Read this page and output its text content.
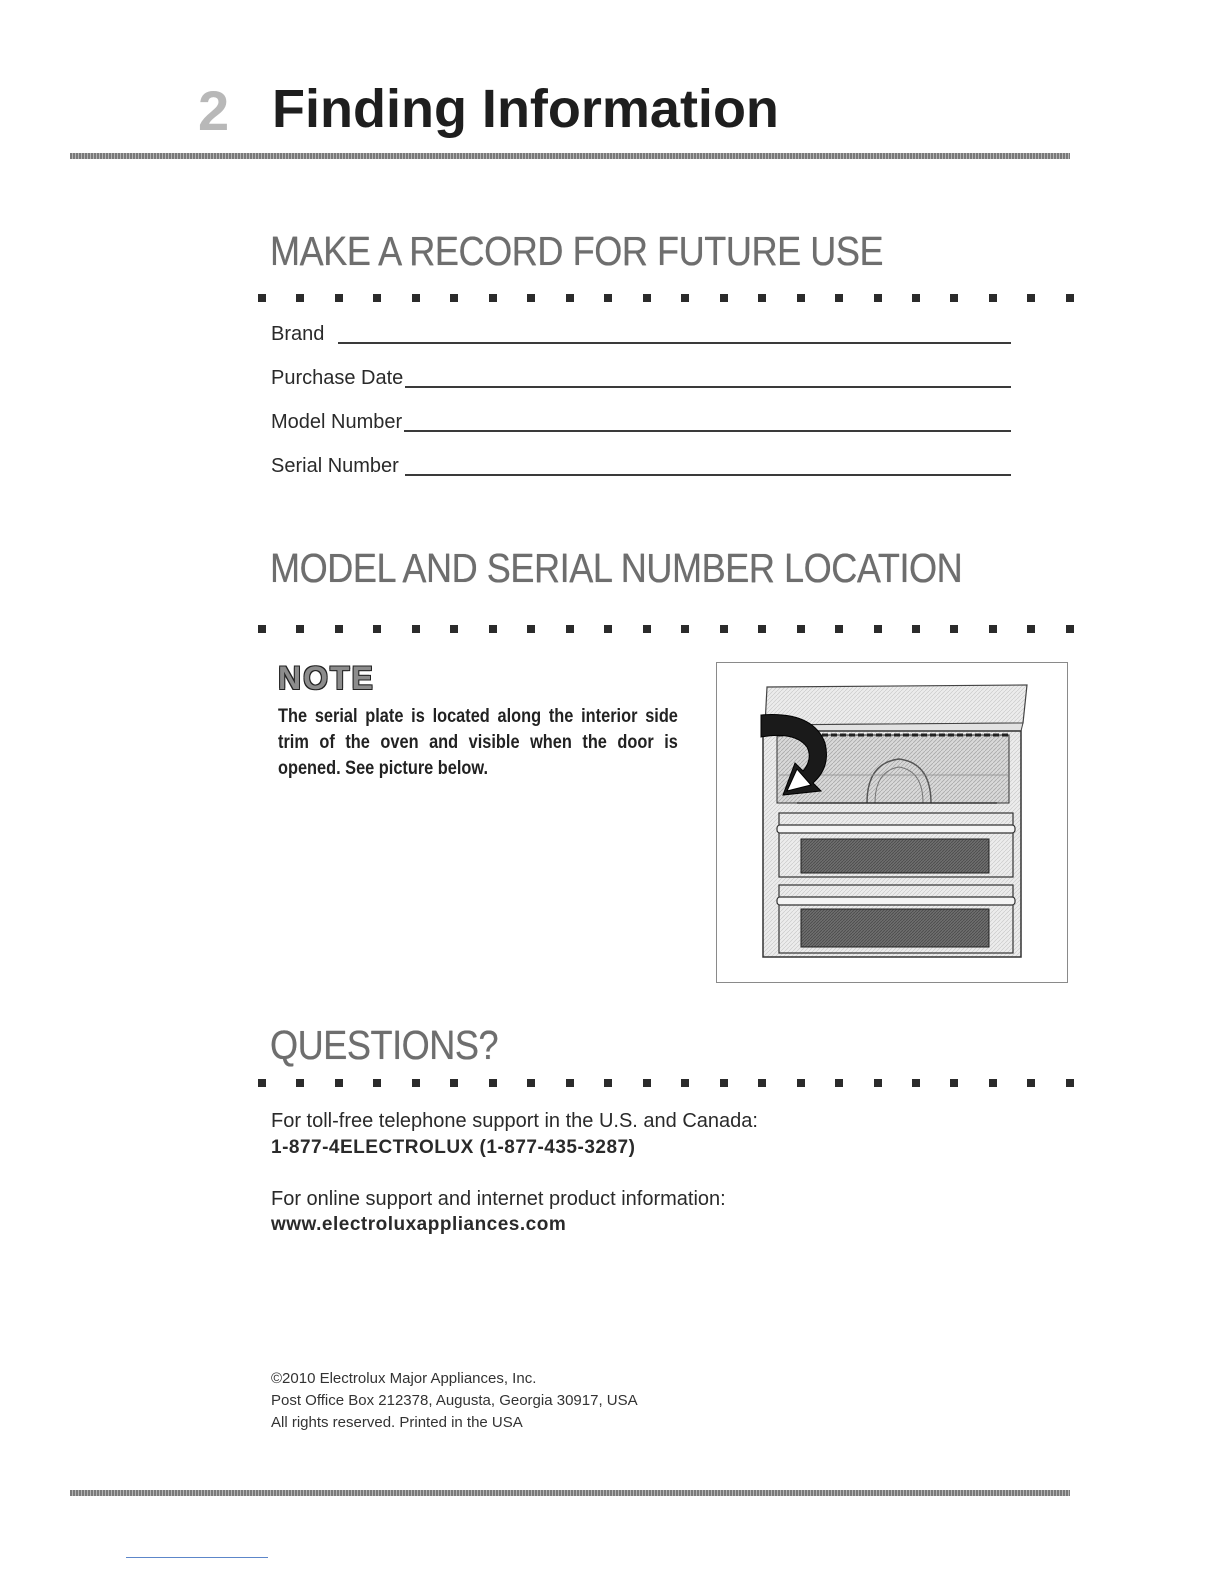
2 Finding Information
MAKE A RECORD FOR FUTURE USE
Brand
Purchase Date
Model Number
Serial Number
MODEL AND SERIAL NUMBER LOCATION
NOTE
The serial plate is located along the interior side trim of the oven and visible when the door is opened. See picture below.
QUESTIONS?
For toll-free telephone support in the U.S. and Canada:
1-877-4ELECTROLUX (1-877-435-3287)
For online support and internet product information:
www.electroluxappliances.com
©2010 Electrolux Major Appliances, Inc.
Post Office Box 212378, Augusta, Georgia 30917, USA
All rights reserved. Printed in the USA
